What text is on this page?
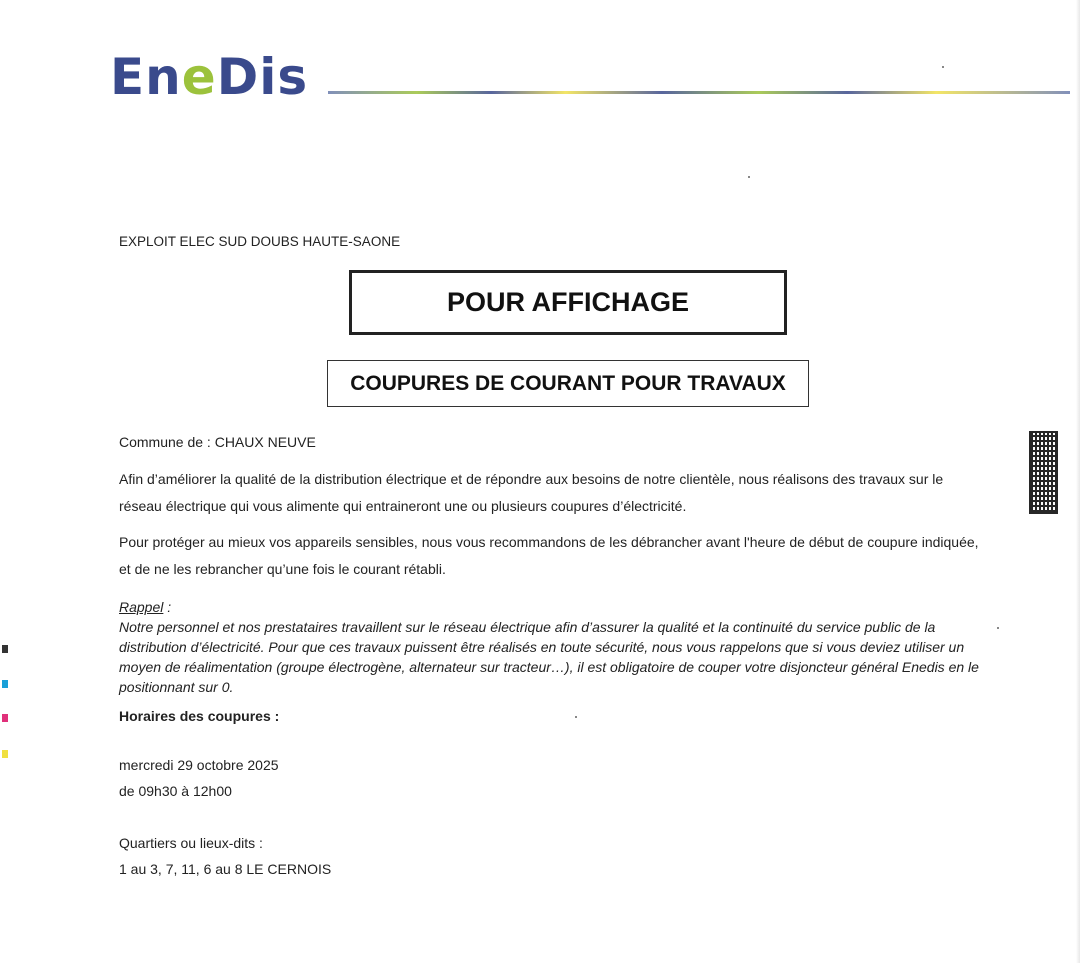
EneDis
EXPLOIT ELEC SUD DOUBS HAUTE-SAONE
POUR AFFICHAGE
COUPURES DE COURANT POUR TRAVAUX
Commune de : CHAUX NEUVE
Afin d’améliorer la qualité de la distribution électrique et de répondre aux besoins de notre clientèle, nous réalisons des travaux sur le réseau électrique qui vous alimente qui entraineront une ou plusieurs coupures d’électricité.
Pour protéger au mieux vos appareils sensibles, nous vous recommandons de les débrancher avant l'heure de début de coupure indiquée, et de ne les rebrancher qu’une fois le courant rétabli.
Rappel :
Notre personnel et nos prestataires travaillent sur le réseau électrique afin d’assurer la qualité et la continuité du service public de la distribution d’électricité. Pour que ces travaux puissent être réalisés en toute sécurité, nous vous rappelons que si vous deviez utiliser un moyen de réalimentation (groupe électrogène, alternateur sur tracteur…), il est obligatoire de couper votre disjoncteur général Enedis en le positionnant sur 0.
Horaires des coupures :
mercredi 29 octobre 2025
de 09h30 à 12h00
Quartiers ou lieux-dits :
1 au 3, 7, 11, 6 au 8 LE CERNOIS
